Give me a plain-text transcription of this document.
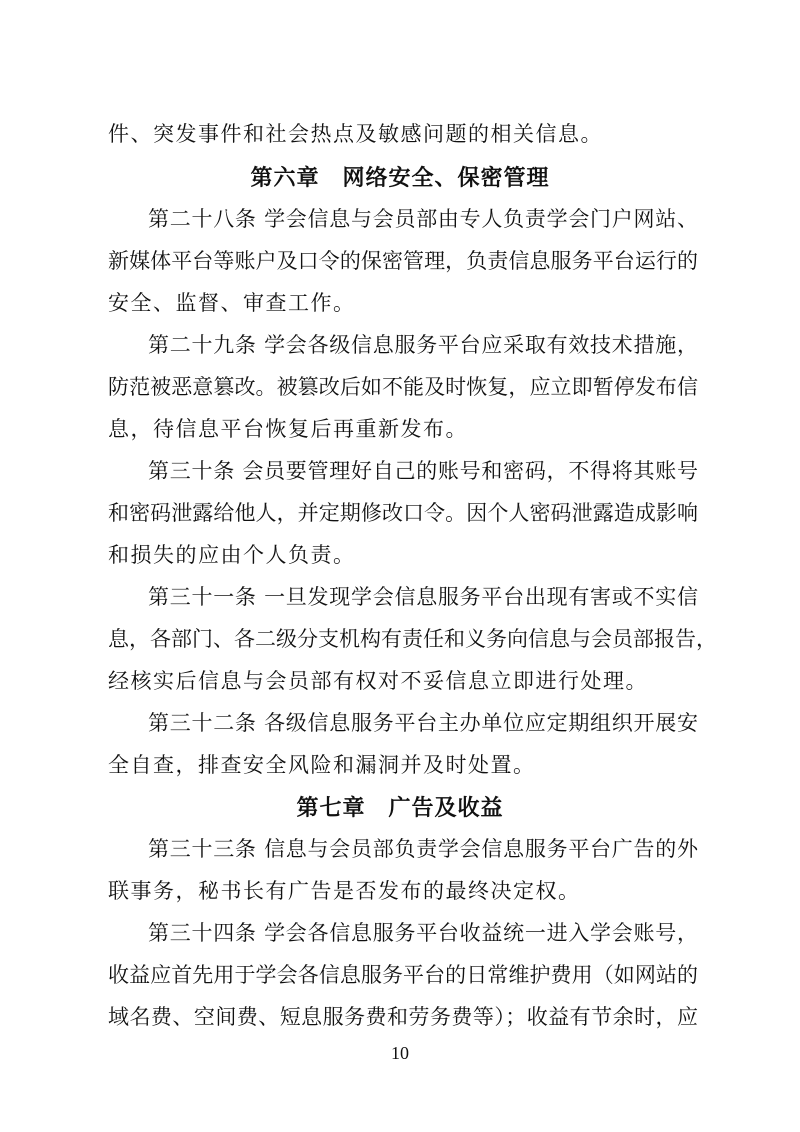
件、突发事件和社会热点及敏感问题的相关信息。
第六章　网络安全、保密管理
第二十八条 学会信息与会员部由专人负责学会门户网站、
新媒体平台等账户及口令的保密管理，负责信息服务平台运行的
安全、监督、审查工作。
第二十九条 学会各级信息服务平台应采取有效技术措施，
防范被恶意篡改。被篡改后如不能及时恢复，应立即暂停发布信
息，待信息平台恢复后再重新发布。
第三十条 会员要管理好自己的账号和密码，不得将其账号
和密码泄露给他人，并定期修改口令。因个人密码泄露造成影响
和损失的应由个人负责。
第三十一条 一旦发现学会信息服务平台出现有害或不实信
息，各部门、各二级分支机构有责任和义务向信息与会员部报告，
经核实后信息与会员部有权对不妥信息立即进行处理。
第三十二条 各级信息服务平台主办单位应定期组织开展安
全自查，排查安全风险和漏洞并及时处置。
第七章　广告及收益
第三十三条 信息与会员部负责学会信息服务平台广告的外
联事务，秘书长有广告是否发布的最终决定权。
第三十四条 学会各信息服务平台收益统一进入学会账号，
收益应首先用于学会各信息服务平台的日常维护费用（如网站的
域名费、空间费、短息服务费和劳务费等）；收益有节余时，应
10
